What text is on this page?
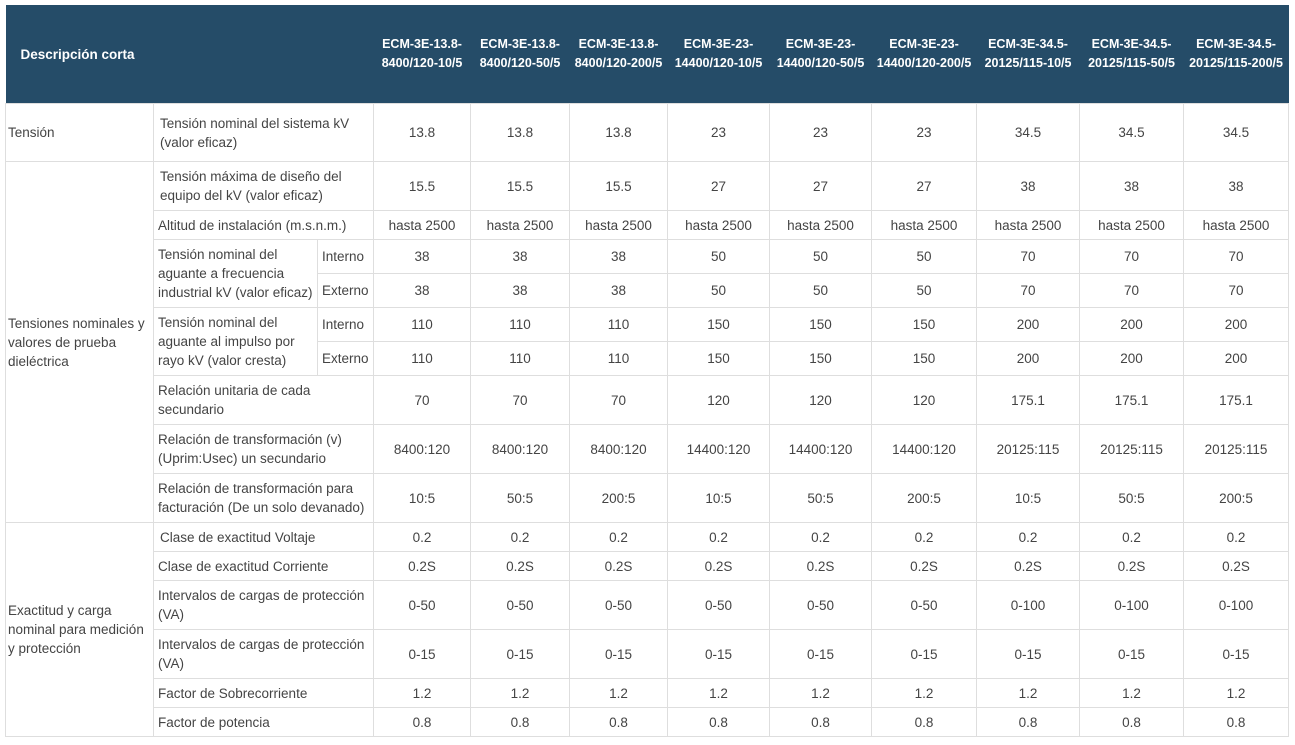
Descripción corta			ECM-3E-13.8-8400/120-10/5	ECM-3E-13.8-8400/120-50/5	ECM-3E-13.8-8400/120-200/5	ECM-3E-23-14400/120-10/5	ECM-3E-23-14400/120-50/5	ECM-3E-23-14400/120-200/5	ECM-3E-34.5-20125/115-10/5	ECM-3E-34.5-20125/115-50/5	ECM-3E-34.5-20125/115-200/5
Tensión	Tensión nominal del sistema kV (valor eficaz)		13.8	13.8	13.8	23	23	23	34.5	34.5	34.5
Tensiones nominales y valores de prueba dieléctrica	Tensión máxima de diseño del equipo del kV (valor eficaz)		15.5	15.5	15.5	27	27	27	38	38	38
	Altitud de instalación (m.s.n.m.)		hasta 2500	hasta 2500	hasta 2500	hasta 2500	hasta 2500	hasta 2500	hasta 2500	hasta 2500	hasta 2500
	Tensión nominal del aguante a frecuencia industrial kV (valor eficaz)	Interno	38	38	38	50	50	50	70	70	70
		Externo	38	38	38	50	50	50	70	70	70
	Tensión nominal del aguante al impulso por rayo kV (valor cresta)	Interno	110	110	110	150	150	150	200	200	200
		Externo	110	110	110	150	150	150	200	200	200
	Relación unitaria de cada secundario		70	70	70	120	120	120	175.1	175.1	175.1
	Relación de transformación (v) (Uprim:Usec) un secundario		8400:120	8400:120	8400:120	14400:120	14400:120	14400:120	20125:115	20125:115	20125:115
	Relación de transformación para facturación (De un solo devanado)		10:5	50:5	200:5	10:5	50:5	200:5	10:5	50:5	200:5
Exactitud y carga nominal para medición y protección	Clase de exactitud Voltaje		0.2	0.2	0.2	0.2	0.2	0.2	0.2	0.2	0.2
	Clase de exactitud Corriente		0.2S	0.2S	0.2S	0.2S	0.2S	0.2S	0.2S	0.2S	0.2S
	Intervalos de cargas de protección (VA)		0-50	0-50	0-50	0-50	0-50	0-50	0-100	0-100	0-100
	Intervalos de cargas de protección (VA)		0-15	0-15	0-15	0-15	0-15	0-15	0-15	0-15	0-15
	Factor de Sobrecorriente		1.2	1.2	1.2	1.2	1.2	1.2	1.2	1.2	1.2
	Factor de potencia		0.8	0.8	0.8	0.8	0.8	0.8	0.8	0.8	0.8
